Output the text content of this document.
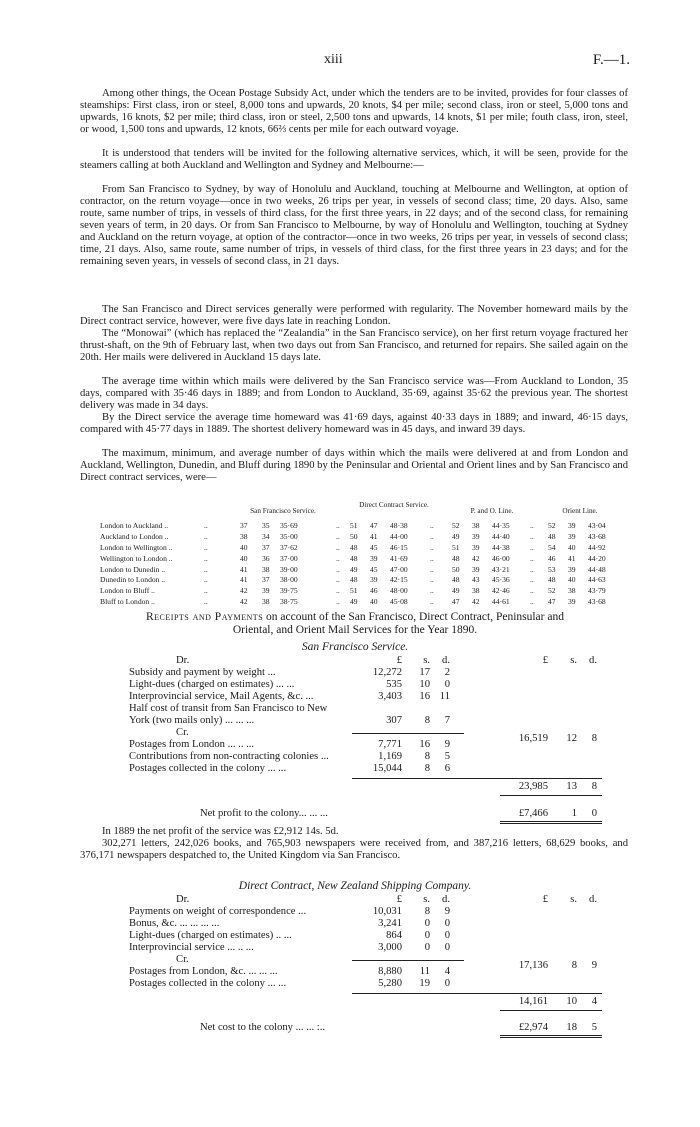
xiii	F.—1.
Among other things, the Ocean Postage Subsidy Act, under which the tenders are to be invited, provides for four classes of steamships: First class, iron or steel, 8,000 tons and upwards, 20 knots, $4 per mile; second class, iron or steel, 5,000 tons and upwards, 16 knots, $2 per mile; third class, iron or steel, 2,500 tons and upwards, 14 knots, $1 per mile; fouth class, iron, steel, or wood, 1,500 tons and upwards, 12 knots, 66⅔ cents per mile for each outward voyage.
It is understood that tenders will be invited for the following alternative services, which, it will be seen, provide for the steamers calling at both Auckland and Wellington and Sydney and Melbourne:—
From San Francisco to Sydney, by way of Honolulu and Auckland, touching at Melbourne and Wellington, at option of contractor, on the return voyage—once in two weeks, 26 trips per year, in vessels of second class; time, 20 days. Also, same route, same number of trips, in vessels of third class, for the first three years, in 22 days; and of the second class, for remaining seven years of term, in 20 days. Or from San Francisco to Melbourne, by way of Honolulu and Wellington, touching at Sydney and Auckland on the return voyage, at option of the contractor—once in two weeks, 26 trips per year, in vessels of second class; time, 21 days. Also, same route, same number of trips, in vessels of third class, for the first three years in 23 days; and for the remaining seven years, in vessels of second class, in 21 days.
The San Francisco and Direct services generally were performed with regularity. The November homeward mails by the Direct contract service, however, were five days late in reaching London.
The “Monowai” (which has replaced the “Zealandia” in the San Francisco service), on her first return voyage fractured her thrust-shaft, on the 9th of February last, when two days out from San Francisco, and returned for repairs. She sailed again on the 20th. Her mails were delivered in Auckland 15 days late.
The average time within which mails were delivered by the San Francisco service was—From Auckland to London, 35 days, compared with 35·46 days in 1889; and from London to Auckland, 35·69, against 35·62 the previous year. The shortest delivery was made in 34 days.
By the Direct service the average time homeward was 41·69 days, against 40·33 days in 1889; and inward, 46·15 days, compared with 45·77 days in 1889. The shortest delivery homeward was in 45 days, and inward 39 days.
The maximum, minimum, and average number of days within which the mails were delivered at and from London and Auckland, Wellington, Dunedin, and Bluff during 1890 by the Peninsular and Oriental and Orient lines and by San Francisco and Direct contract services, were—
San Francisco Service.
Direct Contract Service.
P. and O. Line.	Orient Line.
London to Auckland ..	..	37 35 35·69	.. 51 47 48·38	.. 52 38 44·35	.. 52 39 43·04
Auckland to London ..	..	38 34 35·00	.. 50 41 44·00	.. 49 39 44·40	.. 48 39 43·68
London to Wellington ..	..	40 37 37·62	.. 48 45 46·15	.. 51 39 44·38	.. 54 40 44·92
Wellington to London ..	..	40 36 37·00	.. 48 39 41·69	.. 48 42 46·00	.. 46 41 44·20
London to Dunedin ..	..	41 38 39·00	.. 49 45 47·00	.. 50 39 43·21	.. 53 39 44·48
Dunedin to London ..	..	41 37 38·00	.. 48 39 42·15	.. 48 43 45·36	.. 48 40 44·63
London to Bluff ..	..	42 39 39·75	.. 51 46 48·00	.. 49 38 42·46	.. 52 38 43·79
Bluff to London ..	..	42 38 38·75	.. 49 40 45·08	.. 47 42 44·61	.. 47 39 43·68
Receipts and Payments on account of the San Francisco, Direct Contract, Peninsular and
Oriental, and Orient Mail Services for the Year 1890.
San Francisco Service.
Dr.	£ s. d.	£ s. d.
Subsidy and payment by weight ...	12,272 17 2
Light-dues (charged on estimates) ... ...	535 10 0
Interprovincial service, Mail Agents, &c. ...	3,403 16 11
Half cost of transit from San Francisco to New
York (two mails only) ... ... ...	307 8 7
Cr.
16,519 12 8
Postages from London ... .. ...	7,771 16 9
Contributions from non-contracting colonies ...	1,169 8 5
Postages collected in the colony ... ...	15,044 8 6
23,985 13 8
Net profit to the colony... ... ...	£7,466 1 0
In 1889 the net profit of the service was £2,912 14s. 5d.
302,271 letters, 242,026 books, and 765,903 newspapers were received from, and 387,216 letters, 68,629 books, and 376,171 newspapers despatched to, the United Kingdom via San Francisco.
Direct Contract, New Zealand Shipping Company.
Dr.	£ s. d.	£ s. d.
Payments on weight of correspondence ...	10,031 8 9
Bonus, &c. ... ... ... ...	3,241 0 0
Light-dues (charged on estimates) .. ...	864 0 0
Interprovincial service ... .. ...	3,000 0 0
Cr.
17,136 8 9
Postages from London, &c. ... ... ...	8,880 11 4
Postages collected in the colony ... ...	5,280 19 0
14,161 10 4
Net cost to the colony ... ... :..	£2,974 18 5
